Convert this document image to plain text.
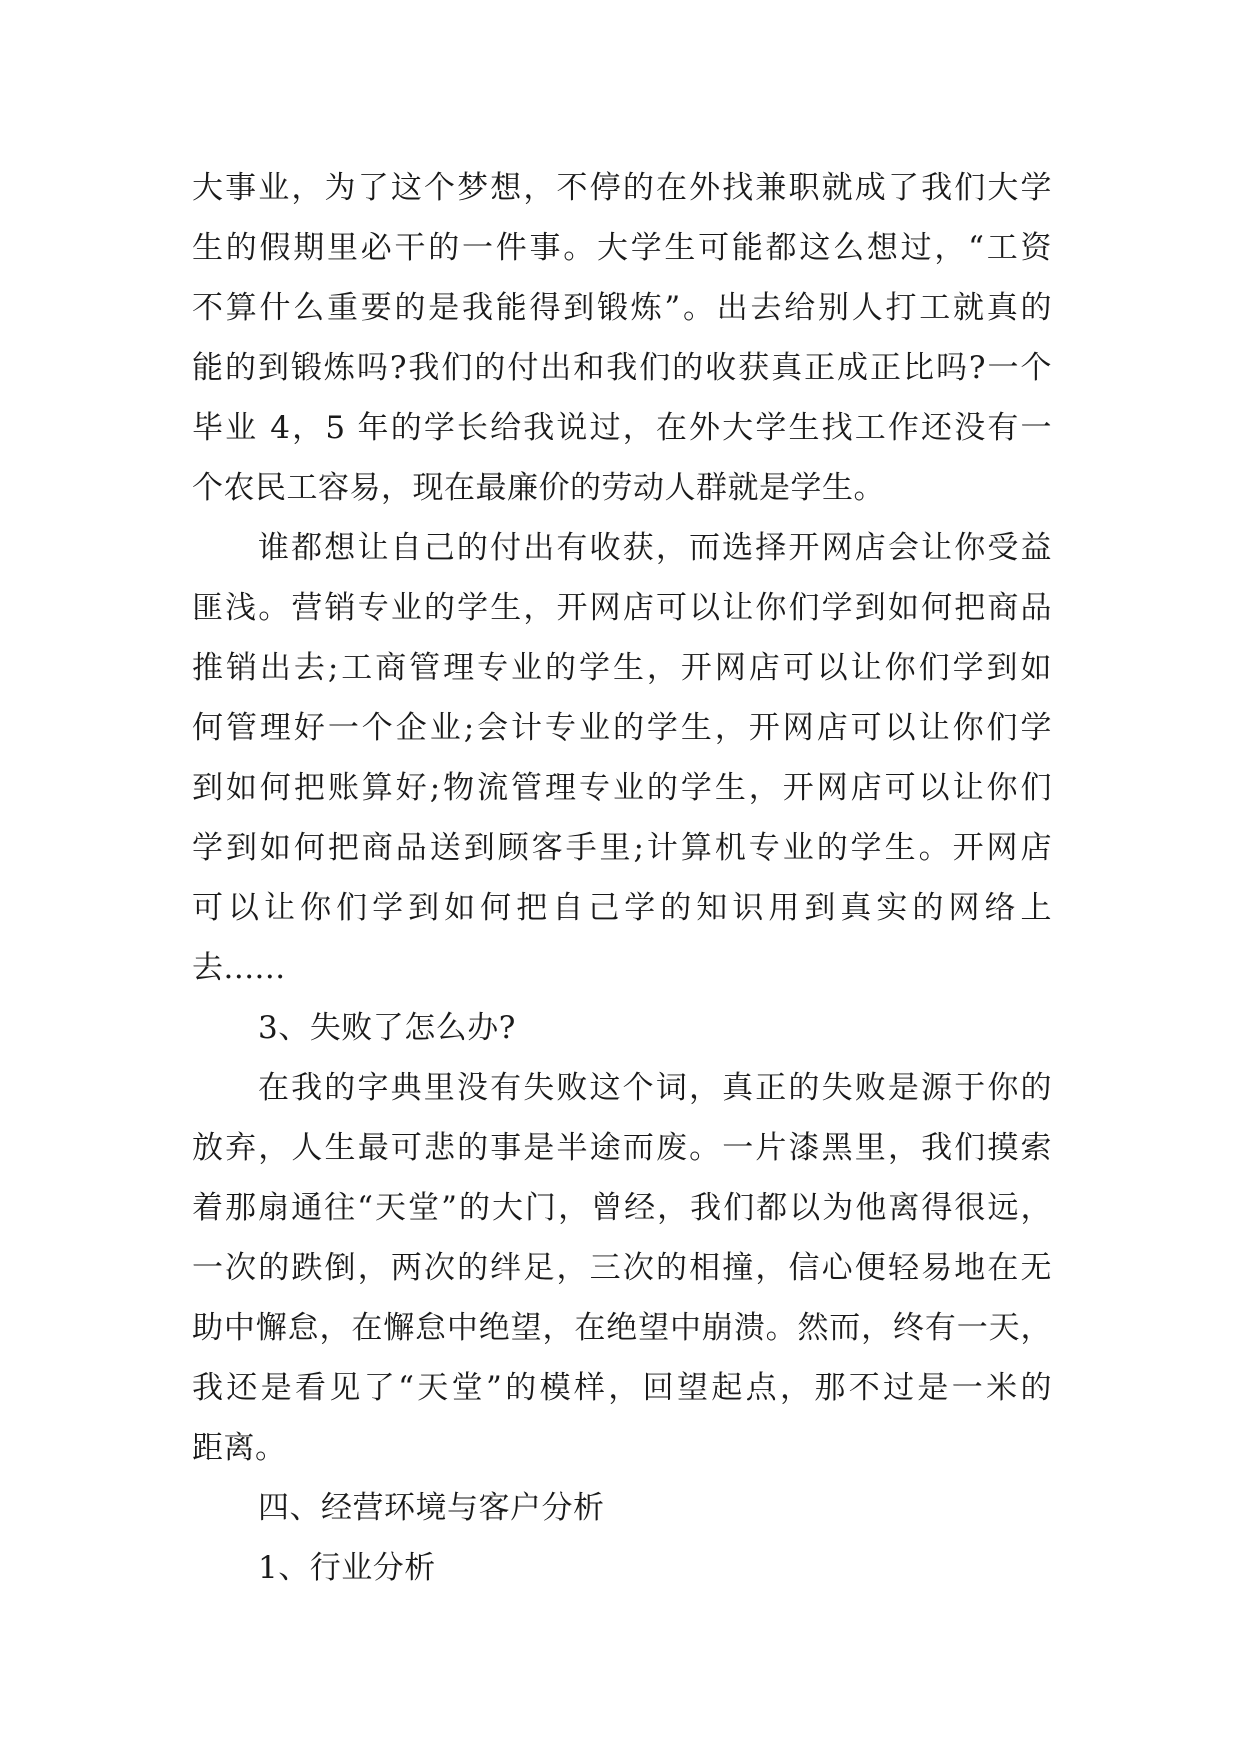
大事业，为了这个梦想，不停的在外找兼职就成了我们大学
生的假期里必干的一件事。大学生可能都这么想过，“工资
不算什么重要的是我能得到锻炼”。出去给别人打工就真的
能的到锻炼吗?我们的付出和我们的收获真正成正比吗?一个
毕业 4，5 年的学长给我说过，在外大学生找工作还没有一
个农民工容易，现在最廉价的劳动人群就是学生。
谁都想让自己的付出有收获，而选择开网店会让你受益
匪浅。营销专业的学生，开网店可以让你们学到如何把商品
推销出去;工商管理专业的学生，开网店可以让你们学到如
何管理好一个企业;会计专业的学生，开网店可以让你们学
到如何把账算好;物流管理专业的学生，开网店可以让你们
学到如何把商品送到顾客手里;计算机专业的学生。开网店
可以让你们学到如何把自己学的知识用到真实的网络上
去......
3、失败了怎么办?
在我的字典里没有失败这个词，真正的失败是源于你的
放弃，人生最可悲的事是半途而废。一片漆黑里，我们摸索
着那扇通往“天堂”的大门，曾经，我们都以为他离得很远，
一次的跌倒，两次的绊足，三次的相撞，信心便轻易地在无
助中懈怠，在懈怠中绝望，在绝望中崩溃。然而，终有一天，
我还是看见了“天堂”的模样，回望起点，那不过是一米的
距离。
四、经营环境与客户分析
1、行业分析
